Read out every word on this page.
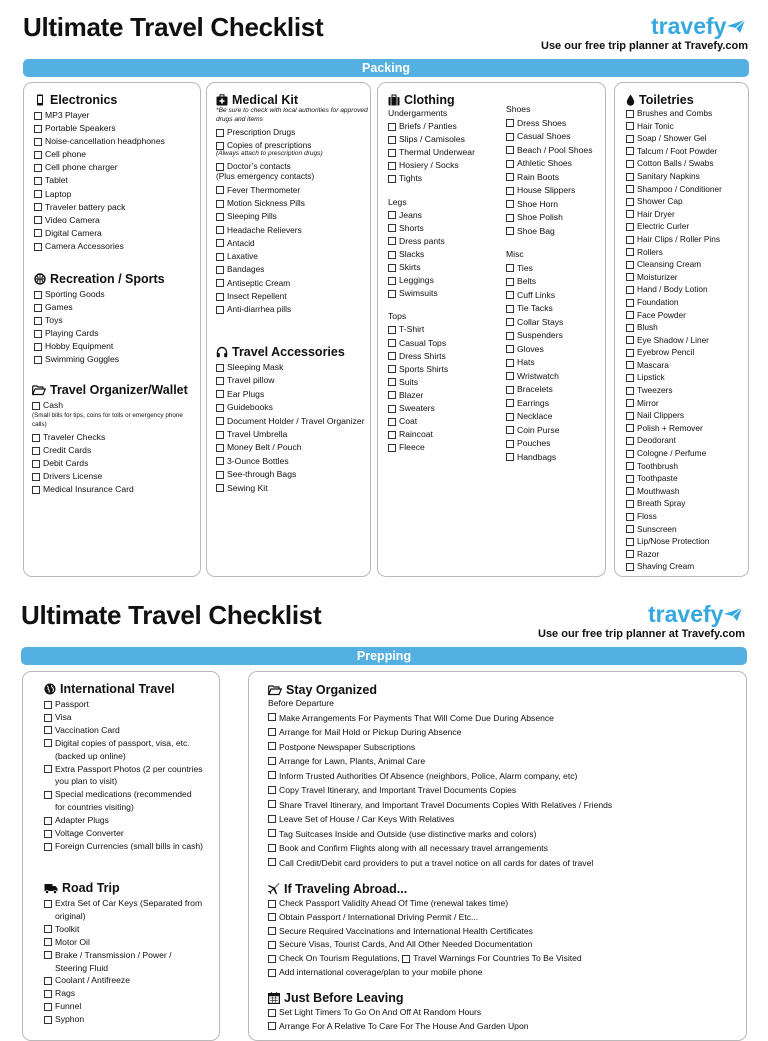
Ultimate Travel Checklist	travefy
Use our free trip planner at Travefy.com
Packing
Electronics
MP3 Player
Portable Speakers
Noise-cancellation headphones
Cell phone
Cell phone charger
Tablet
Laptop
Traveler battery pack
Video Camera
Digital Camera
Camera Accessories
Recreation / Sports
Sporting Goods
Games
Toys
Playing Cards
Hobby Equipment
Swimming Goggles
Travel Organizer/Wallet
Cash
(Small bills for tips, coins for tolls or emergency phone calls)
Traveler Checks
Credit Cards
Debit Cards
Drivers License
Medical Insurance Card
Medical Kit
*Be sure to check with local authorities for approved drugs and items
Prescription Drugs
Copies of prescriptions
(Always attach to prescription drugs)
Doctor’s contacts
(Plus emergency contacts)
Fever Thermometer
Motion Sickness Pills
Sleeping Pills
Headache Relievers
Antacid
Laxative
Bandages
Antiseptic Cream
Insect Repellent
Anti-diarrhea pills
Travel Accessories
Sleeping Mask
Travel pillow
Ear Plugs
Guidebooks
Document Holder / Travel Organizer
Travel Umbrella
Money Belt / Pouch
3-Ounce Bottles
See-through Bags
Sewing Kit
Clothing
Undergarments
Briefs / Panties
Slips / Camisoles
Thermal Underwear
Hosiery / Socks
Tights
Legs
Jeans
Shorts
Dress pants
Slacks
Skirts
Leggings
Swimsuits
Tops
T-Shirt
Casual Tops
Dress Shirts
Sports Shirts
Suits
Blazer
Sweaters
Coat
Raincoat
Fleece
Shoes
Dress Shoes
Casual Shoes
Beach / Pool Shoes
Athletic Shoes
Rain Boots
House Slippers
Shoe Horn
Shoe Polish
Shoe Bag
Misc
Ties
Belts
Cuff Links
Tie Tacks
Collar Stays
Suspenders
Gloves
Hats
Wristwatch
Bracelets
Earrings
Necklace
Coin Purse
Pouches
Handbags
Toiletries
Brushes and Combs
Hair Tonic
Soap / Shower Gel
Talcum / Foot Powder
Cotton Balls / Swabs
Sanitary Napkins
Shampoo / Conditioner
Shower Cap
Hair Dryer
Electric Curler
Hair Clips / Roller Pins
Rollers
Cleansing Cream
Moisturizer
Hand / Body Lotion
Foundation
Face Powder
Blush
Eye Shadow / Liner
Eyebrow Pencil
Mascara
Lipstick
Tweezers
Mirror
Nail Clippers
Polish + Remover
Deodorant
Cologne / Perfume
Toothbrush
Toothpaste
Mouthwash
Breath Spray
Floss
Sunscreen
Lip/Nose Protection
Razor
Shaving Cream
Ultimate Travel Checklist	travefy
Use our free trip planner at Travefy.com
Prepping
International Travel
Passport
Visa
Vaccination Card
Digital copies of passport, visa, etc. (backed up online)
Extra Passport Photos (2 per countries you plan to visit)
Special medications (recommended for countries visiting)
Adapter Plugs
Voltage Converter
Foreign Currencies (small bills in cash)
Road Trip
Extra Set of Car Keys (Separated from original)
Toolkit
Motor Oil
Brake / Transmission / Power / Steering Fluid
Coolant / Antifreeze
Rags
Funnel
Syphon
Stay Organized
Before Departure
Make Arrangements For Payments That Will Come Due During Absence
Arrange for Mail Hold or Pickup During Absence
Postpone Newspaper Subscriptions
Arrange for Lawn, Plants, Animal Care
Inform Trusted Authorities Of Absence (neighbors, Police, Alarm company, etc)
Copy Travel Itinerary, and Important Travel Documents Copies
Share Travel Itinerary, and Important Travel Documents Copies With Relatives / Friends
Leave Set of House / Car Keys With Relatives
Tag Suitcases Inside and Outside (use distinctive marks and colors)
Book and Confirm Flights along with all necessary travel arrangements
Call Credit/Debit card providers to put a travel notice on all cards for dates of travel
If Traveling Abroad...
Check Passport Validity Ahead Of Time (renewal takes time)
Obtain Passport / International Driving Permit / Etc...
Secure Required Vaccinations and International Health Certificates
Secure Visas, Tourist Cards, And All Other Needed Documentation
Check On Tourism Regulations,
Travel Warnings For Countries To Be Visited
Add international coverage/plan to your mobile phone
Just Before Leaving
Set Light Timers To Go On And Off At Random Hours
Arrange For A Relative To Care For The House And Garden Upon
